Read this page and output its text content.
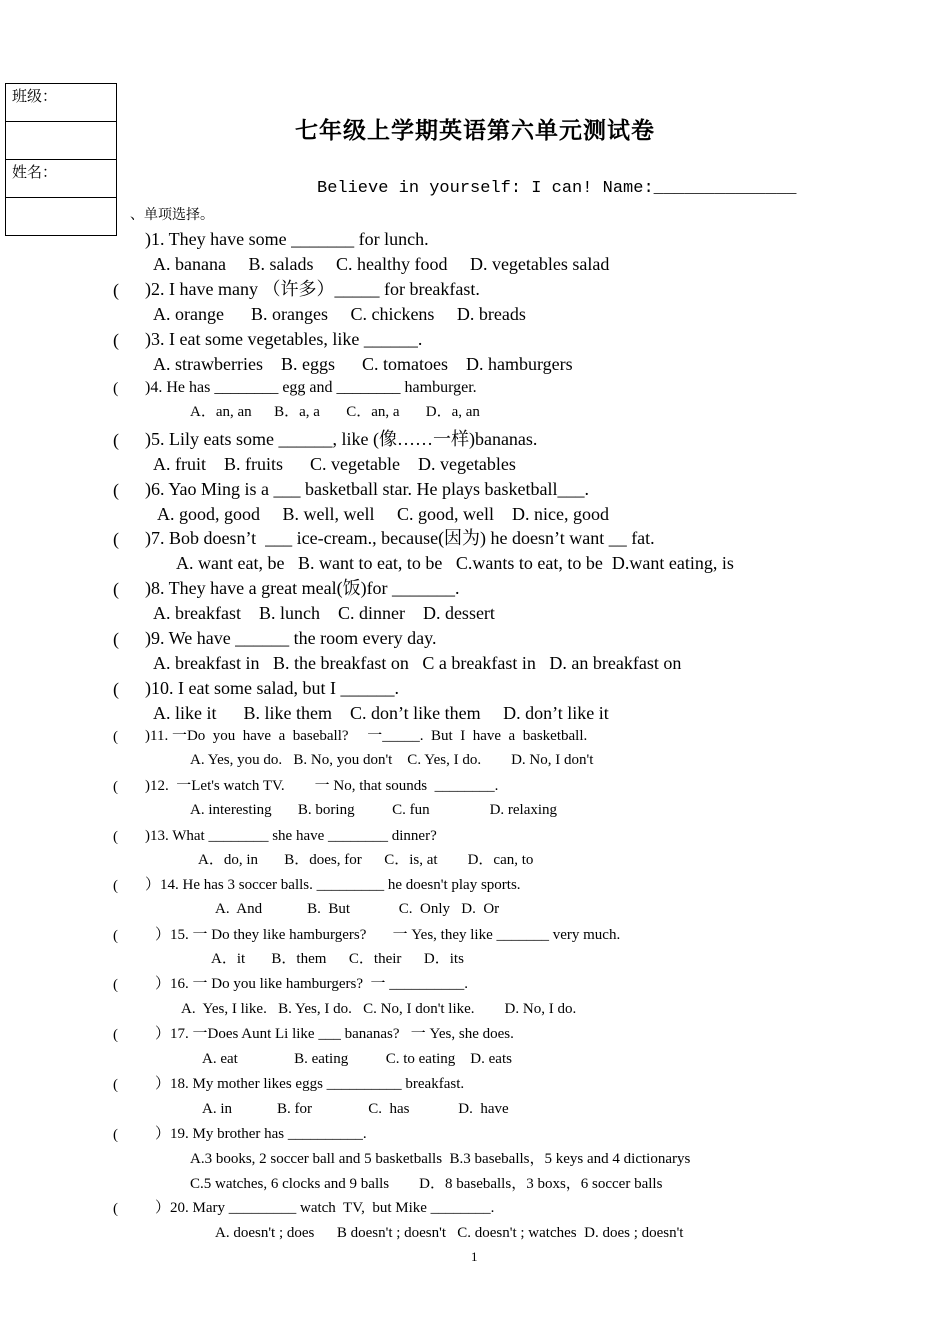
班级：

姓名：

七年级上学期英语第六单元测试卷
Believe in yourself: I can! Name:______________
、单项选择。
)1. They have some _______ for lunch.
A. banana     B. salads     C. healthy food     D. vegetables salad
( )2. I have many （许多）_____ for breakfast.
A. orange      B. oranges     C. chickens     D. breads
( )3. I eat some vegetables, like ______.
A. strawberries    B. eggs      C. tomatoes    D. hamburgers
( )4. He has ________ egg and ________ hamburger.
A．an, an      B．a, a       C．an, a       D．a, an
( )5. Lily eats some ______, like (像……一样)bananas.
A. fruit    B. fruits      C. vegetable    D. vegetables
( )6. Yao Ming is a ___ basketball star. He plays basketball___.
A. good, good     B. well, well     C. good, well    D. nice, good
( )7. Bob doesn’t  ___ ice-cream., because(因为) he doesn’t want __ fat.
A. want eat, be   B. want to eat, to be   C.wants to eat, to be  D.want eating, is
( )8. They have a great meal(饭)for _______.
A. breakfast    B. lunch    C. dinner    D. dessert
( )9. We have ______ the room every day.
A. breakfast in   B. the breakfast on   C a breakfast in   D. an breakfast on
( )10. I eat some salad, but I ______.
A. like it      B. like them    C. don’t like them     D. don’t like it
( )11. 一Do  you  have  a  baseball?     一_____.  But  I  have  a  basketball.
A. Yes, you do.   B. No, you don't    C. Yes, I do.        D. No, I don't
( )12.  一Let's watch TV.        一 No, that sounds  ________.
A. interesting       B. boring          C. fun                D. relaxing
( )13. What ________ she have ________ dinner?
A．do, in       B．does, for      C．is, at        D．can, to
( ）14. He has 3 soccer balls. _________ he doesn't play sports.
A.  And            B.  But             C.  Only   D.  Or
( ）15. 一 Do they like hamburgers?       一 Yes, they like _______ very much.
A．it       B．them      C．their      D．its
( ）16. 一 Do you like hamburgers?  一 __________.
A.  Yes, I like.   B. Yes, I do.   C. No, I don't like.        D. No, I do.
( ）17. 一Does Aunt Li like ___ bananas?   一 Yes, she does.
A. eat               B. eating          C. to eating    D. eats
( ）18. My mother likes eggs __________ breakfast.
A. in            B. for               C.  has             D.  have
( ）19. My brother has __________.
A.3 books, 2 soccer ball and 5 basketballs  B.3 baseballs，5 keys and 4 dictionarys
C.5 watches, 6 clocks and 9 balls        D．8 baseballs，3 boxs，6 soccer balls
( ）20. Mary _________ watch  TV,  but Mike ________.
A. doesn't ; does      B doesn't ; doesn't   C. doesn't ; watches  D. does ; doesn't
1
